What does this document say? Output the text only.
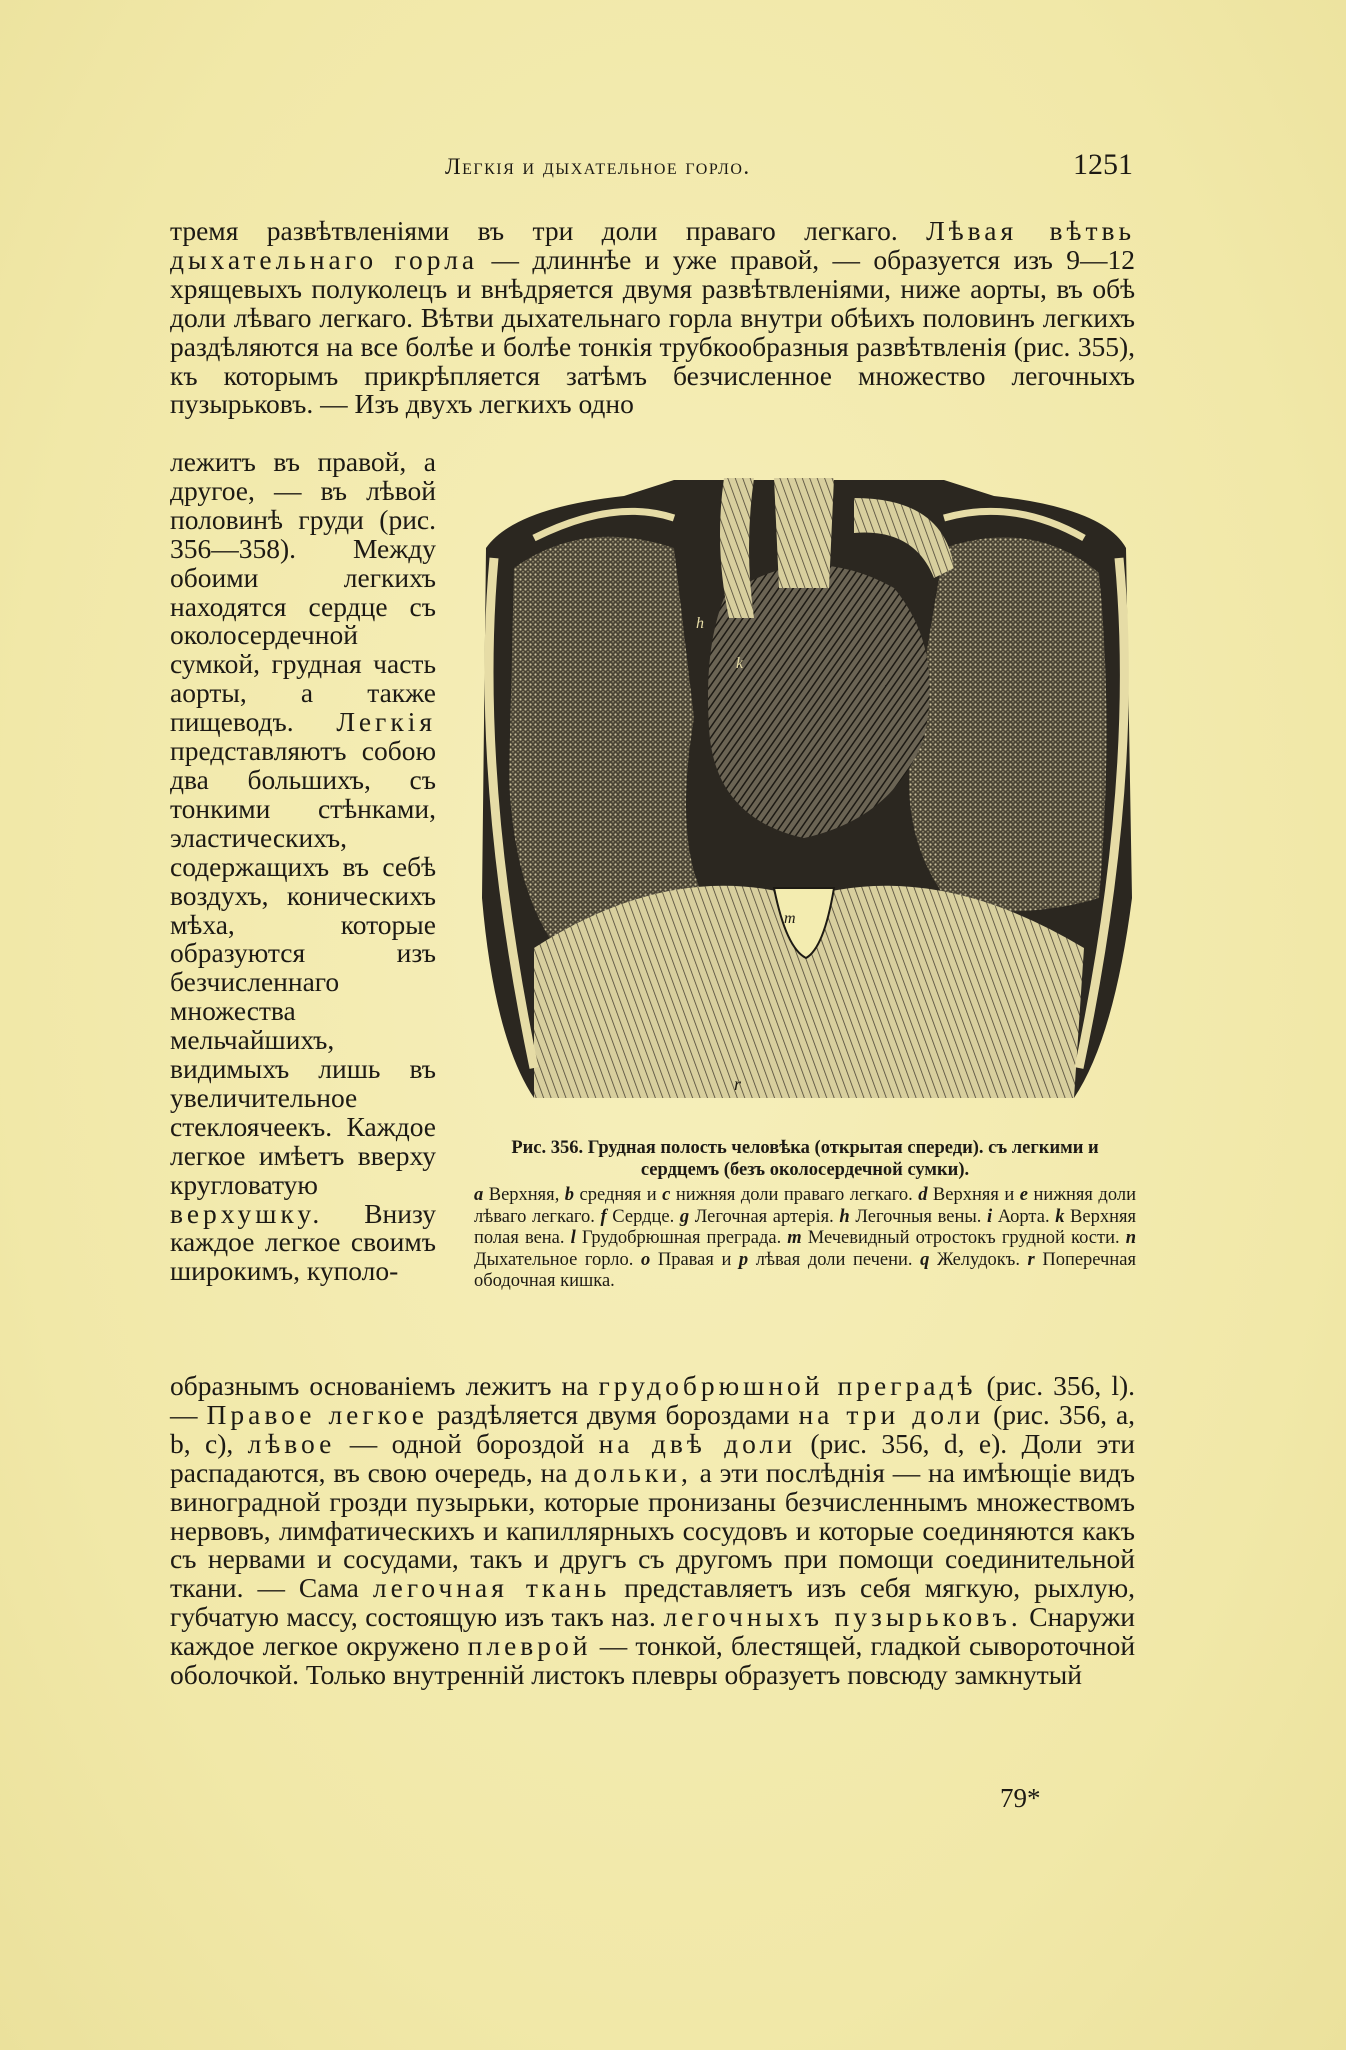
Легкія и дыхательное горло.	1251

тремя развѣтвленіями въ три доли праваго легкаго. Лѣвая вѣтвь дыхательнаго горла — длиннѣе и уже правой, — образуется изъ 9—12 хрящевыхъ полуколецъ и внѣдряется двумя развѣтвленіями, ниже аорты, въ обѣ доли лѣваго легкаго. Вѣтви дыхательнаго горла внутри обѣихъ половинъ легкихъ раздѣляются на все болѣе и болѣе тонкія трубкообразныя развѣтвленія (рис. 355), къ которымъ прикрѣпляется затѣмъ безчисленное множество легочныхъ пузырьковъ. — Изъ двухъ легкихъ одно

лежитъ въ правой, а другое, — въ лѣвой половинѣ груди (рис. 356—358). Между обоими легкихъ находятся сердце съ околосердечной сумкой, грудная часть аорты, а также пищеводъ. Легкія представляютъ собою два большихъ, съ тонкими стѣнками, эластическихъ, содержащихъ въ себѣ воздухъ, коническихъ мѣха, которые образуются изъ безчисленнаго множества мельчайшихъ, видимыхъ лишь въ увеличительное стеклоячеекъ. Каждое легкое имѣетъ вверху кругловатую верхушку. Внизу каждое легкое своимъ широкимъ, куполо-

h
k
m
r
Рис. 356. Грудная полость человѣка (открытая спереди). съ легкими и сердцемъ (безъ околосердечной сумки).
a Верхняя, b средняя и c нижняя доли праваго легкаго. d Верхняя и e нижняя доли лѣваго легкаго. f Сердце. g Легочная артерія. h Легочныя вены. i Аорта. k Верхняя полая вена. l Грудобрюшная преграда. m Мечевидный отростокъ грудной кости. n Дыхательное горло. o Правая и p лѣвая доли печени. q Желудокъ. r Поперечная ободочная кишка.

образнымъ основаніемъ лежитъ на грудобрюшной преградѣ (рис. 356, l). — Правое легкое раздѣляется двумя бороздами на три доли (рис. 356, a, b, c), лѣвое — одной бороздой на двѣ доли (рис. 356, d, e). Доли эти распадаются, въ свою очередь, на дольки, а эти послѣднія — на имѣющіе видъ виноградной грозди пузырьки, которые пронизаны безчисленнымъ множествомъ нервовъ, лимфатическихъ и капиллярныхъ сосудовъ и которые соединяются какъ съ нервами и сосудами, такъ и другъ съ другомъ при помощи соединительной ткани. — Сама легочная ткань представляетъ изъ себя мягкую, рыхлую, губчатую массу, состоящую изъ такъ наз. легочныхъ пузырьковъ. Снаружи каждое легкое окружено плеврой — тонкой, блестящей, гладкой сывороточной оболочкой. Только внутренній листокъ плевры образуетъ повсюду замкнутый

79*
